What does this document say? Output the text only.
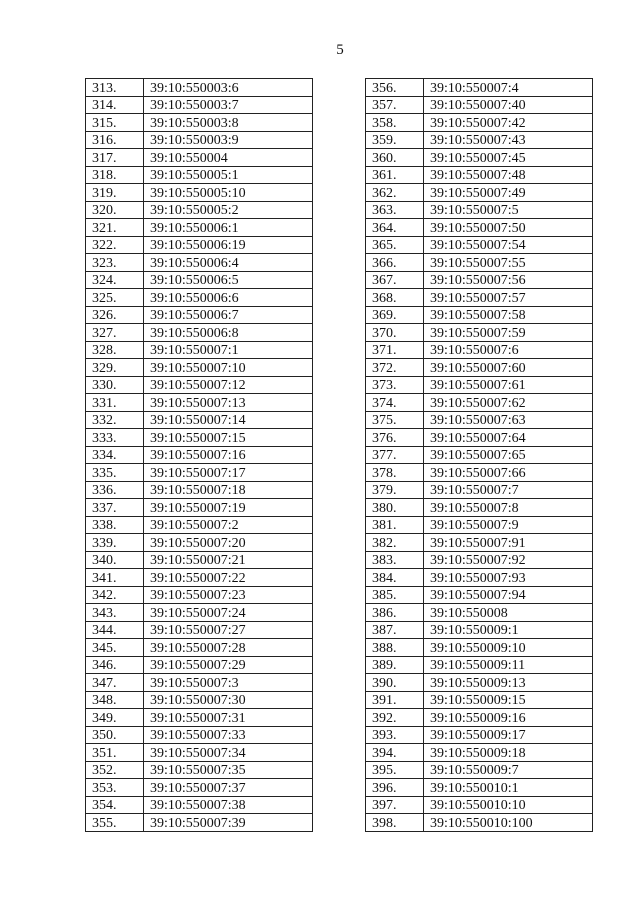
5
313.	39:10:550003:6
314.	39:10:550003:7
315.	39:10:550003:8
316.	39:10:550003:9
317.	39:10:550004
318.	39:10:550005:1
319.	39:10:550005:10
320.	39:10:550005:2
321.	39:10:550006:1
322.	39:10:550006:19
323.	39:10:550006:4
324.	39:10:550006:5
325.	39:10:550006:6
326.	39:10:550006:7
327.	39:10:550006:8
328.	39:10:550007:1
329.	39:10:550007:10
330.	39:10:550007:12
331.	39:10:550007:13
332.	39:10:550007:14
333.	39:10:550007:15
334.	39:10:550007:16
335.	39:10:550007:17
336.	39:10:550007:18
337.	39:10:550007:19
338.	39:10:550007:2
339.	39:10:550007:20
340.	39:10:550007:21
341.	39:10:550007:22
342.	39:10:550007:23
343.	39:10:550007:24
344.	39:10:550007:27
345.	39:10:550007:28
346.	39:10:550007:29
347.	39:10:550007:3
348.	39:10:550007:30
349.	39:10:550007:31
350.	39:10:550007:33
351.	39:10:550007:34
352.	39:10:550007:35
353.	39:10:550007:37
354.	39:10:550007:38
355.	39:10:550007:39
356.	39:10:550007:4
357.	39:10:550007:40
358.	39:10:550007:42
359.	39:10:550007:43
360.	39:10:550007:45
361.	39:10:550007:48
362.	39:10:550007:49
363.	39:10:550007:5
364.	39:10:550007:50
365.	39:10:550007:54
366.	39:10:550007:55
367.	39:10:550007:56
368.	39:10:550007:57
369.	39:10:550007:58
370.	39:10:550007:59
371.	39:10:550007:6
372.	39:10:550007:60
373.	39:10:550007:61
374.	39:10:550007:62
375.	39:10:550007:63
376.	39:10:550007:64
377.	39:10:550007:65
378.	39:10:550007:66
379.	39:10:550007:7
380.	39:10:550007:8
381.	39:10:550007:9
382.	39:10:550007:91
383.	39:10:550007:92
384.	39:10:550007:93
385.	39:10:550007:94
386.	39:10:550008
387.	39:10:550009:1
388.	39:10:550009:10
389.	39:10:550009:11
390.	39:10:550009:13
391.	39:10:550009:15
392.	39:10:550009:16
393.	39:10:550009:17
394.	39:10:550009:18
395.	39:10:550009:7
396.	39:10:550010:1
397.	39:10:550010:10
398.	39:10:550010:100
